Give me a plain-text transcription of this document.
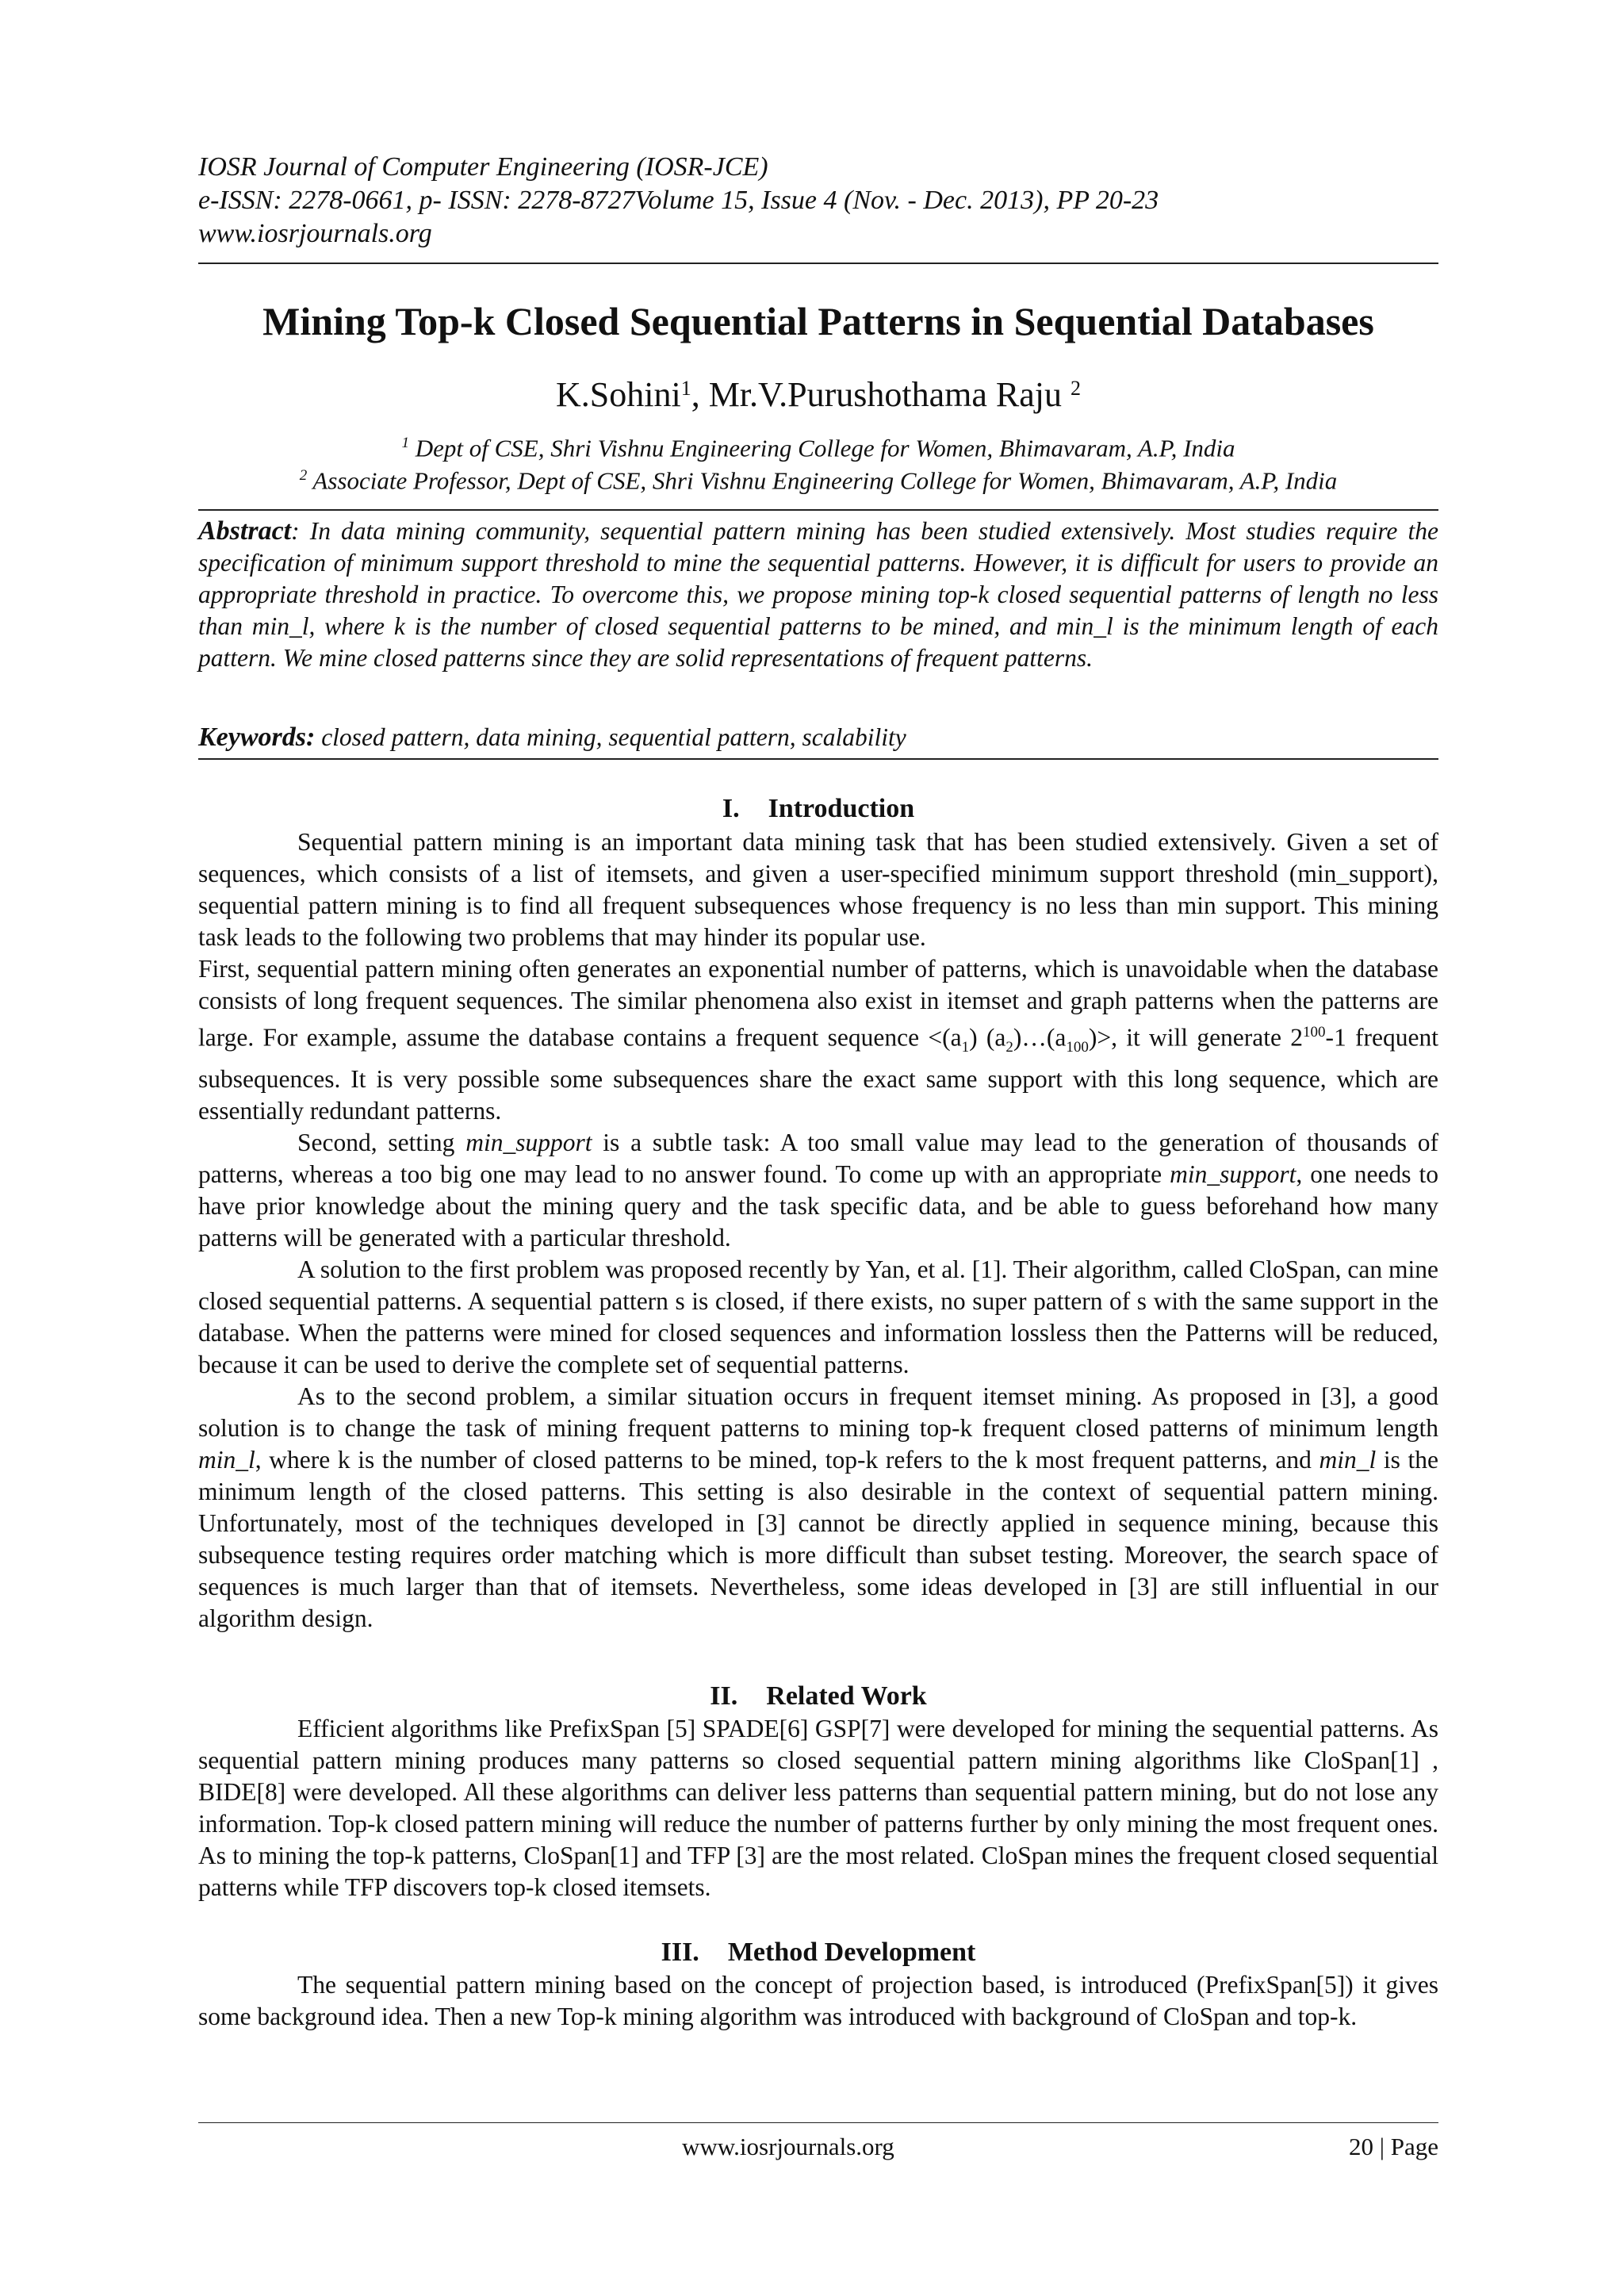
IOSR Journal of Computer Engineering (IOSR-JCE)
e-ISSN: 2278-0661, p- ISSN: 2278-8727Volume 15, Issue 4 (Nov. - Dec. 2013), PP 20-23
www.iosrjournals.org
Mining Top-k Closed Sequential Patterns in Sequential Databases
K.Sohini$^1$, Mr.V.Purushothama Raju $^2$
$^1$ Dept of CSE, Shri Vishnu Engineering College for Women, Bhimavaram, A.P, India
$^2$ Associate Professor, Dept of CSE, Shri Vishnu Engineering College for Women, Bhimavaram, A.P, India
Abstract: In data mining community, sequential pattern mining has been studied extensively. Most studies require the specification of minimum support threshold to mine the sequential patterns. However, it is difficult for users to provide an appropriate threshold in practice. To overcome this, we propose mining top-k closed sequential patterns of length no less than min_l, where k is the number of closed sequential patterns to be mined, and min_l is the minimum length of each pattern. We mine closed patterns since they are solid representations of frequent patterns.
Keywords: closed pattern, data mining, sequential pattern, scalability
I. Introduction

Sequential pattern mining is an important data mining task that has been studied extensively. Given a set of sequences, which consists of a list of itemsets, and given a user-specified minimum support threshold (min_support), sequential pattern mining is to find all frequent subsequences whose frequency is no less than min support. This mining task leads to the following two problems that may hinder its popular use.

First, sequential pattern mining often generates an exponential number of patterns, which is unavoidable when the database consists of long frequent sequences. The similar phenomena also exist in itemset and graph patterns when the patterns are large. For example, assume the database contains a frequent sequence $<(a_1)$ $(a_2)\dots(a_{100})>$, it will generate $2^{100}-1$ frequent subsequences. It is very possible some subsequences share the exact same support with this long sequence, which are essentially redundant patterns.

Second, setting min_support is a subtle task: A too small value may lead to the generation of thousands of patterns, whereas a too big one may lead to no answer found. To come up with an appropriate min_support, one needs to have prior knowledge about the mining query and the task specific data, and be able to guess beforehand how many patterns will be generated with a particular threshold.

A solution to the first problem was proposed recently by Yan, et al. [1]. Their algorithm, called CloSpan, can mine closed sequential patterns. A sequential pattern s is closed, if there exists, no super pattern of s with the same support in the database. When the patterns were mined for closed sequences and information lossless then the Patterns will be reduced, because it can be used to derive the complete set of sequential patterns.

As to the second problem, a similar situation occurs in frequent itemset mining. As proposed in [3], a good solution is to change the task of mining frequent patterns to mining top-k frequent closed patterns of minimum length min_l, where k is the number of closed patterns to be mined, top-k refers to the k most frequent patterns, and min_l is the minimum length of the closed patterns. This setting is also desirable in the context of sequential pattern mining. Unfortunately, most of the techniques developed in [3] cannot be directly applied in sequence mining, because this subsequence testing requires order matching which is more difficult than subset testing. Moreover, the search space of sequences is much larger than that of itemsets. Nevertheless, some ideas developed in [3] are still influential in our algorithm design.

II. Related Work

Efficient algorithms like PrefixSpan [5] SPADE[6] GSP[7] were developed for mining the sequential patterns. As sequential pattern mining produces many patterns so closed sequential pattern mining algorithms like CloSpan[1] , BIDE[8] were developed. All these algorithms can deliver less patterns than sequential pattern mining, but do not lose any information. Top-k closed pattern mining will reduce the number of patterns further by only mining the most frequent ones. As to mining the top-k patterns, CloSpan[1] and TFP [3] are the most related. CloSpan mines the frequent closed sequential patterns while TFP discovers top-k closed itemsets.

III. Method Development

The sequential pattern mining based on the concept of projection based, is introduced (PrefixSpan[5]) it gives some background idea. Then a new Top-k mining algorithm was introduced with background of CloSpan and top-k.

www.iosrjournals.org	20 | Page
